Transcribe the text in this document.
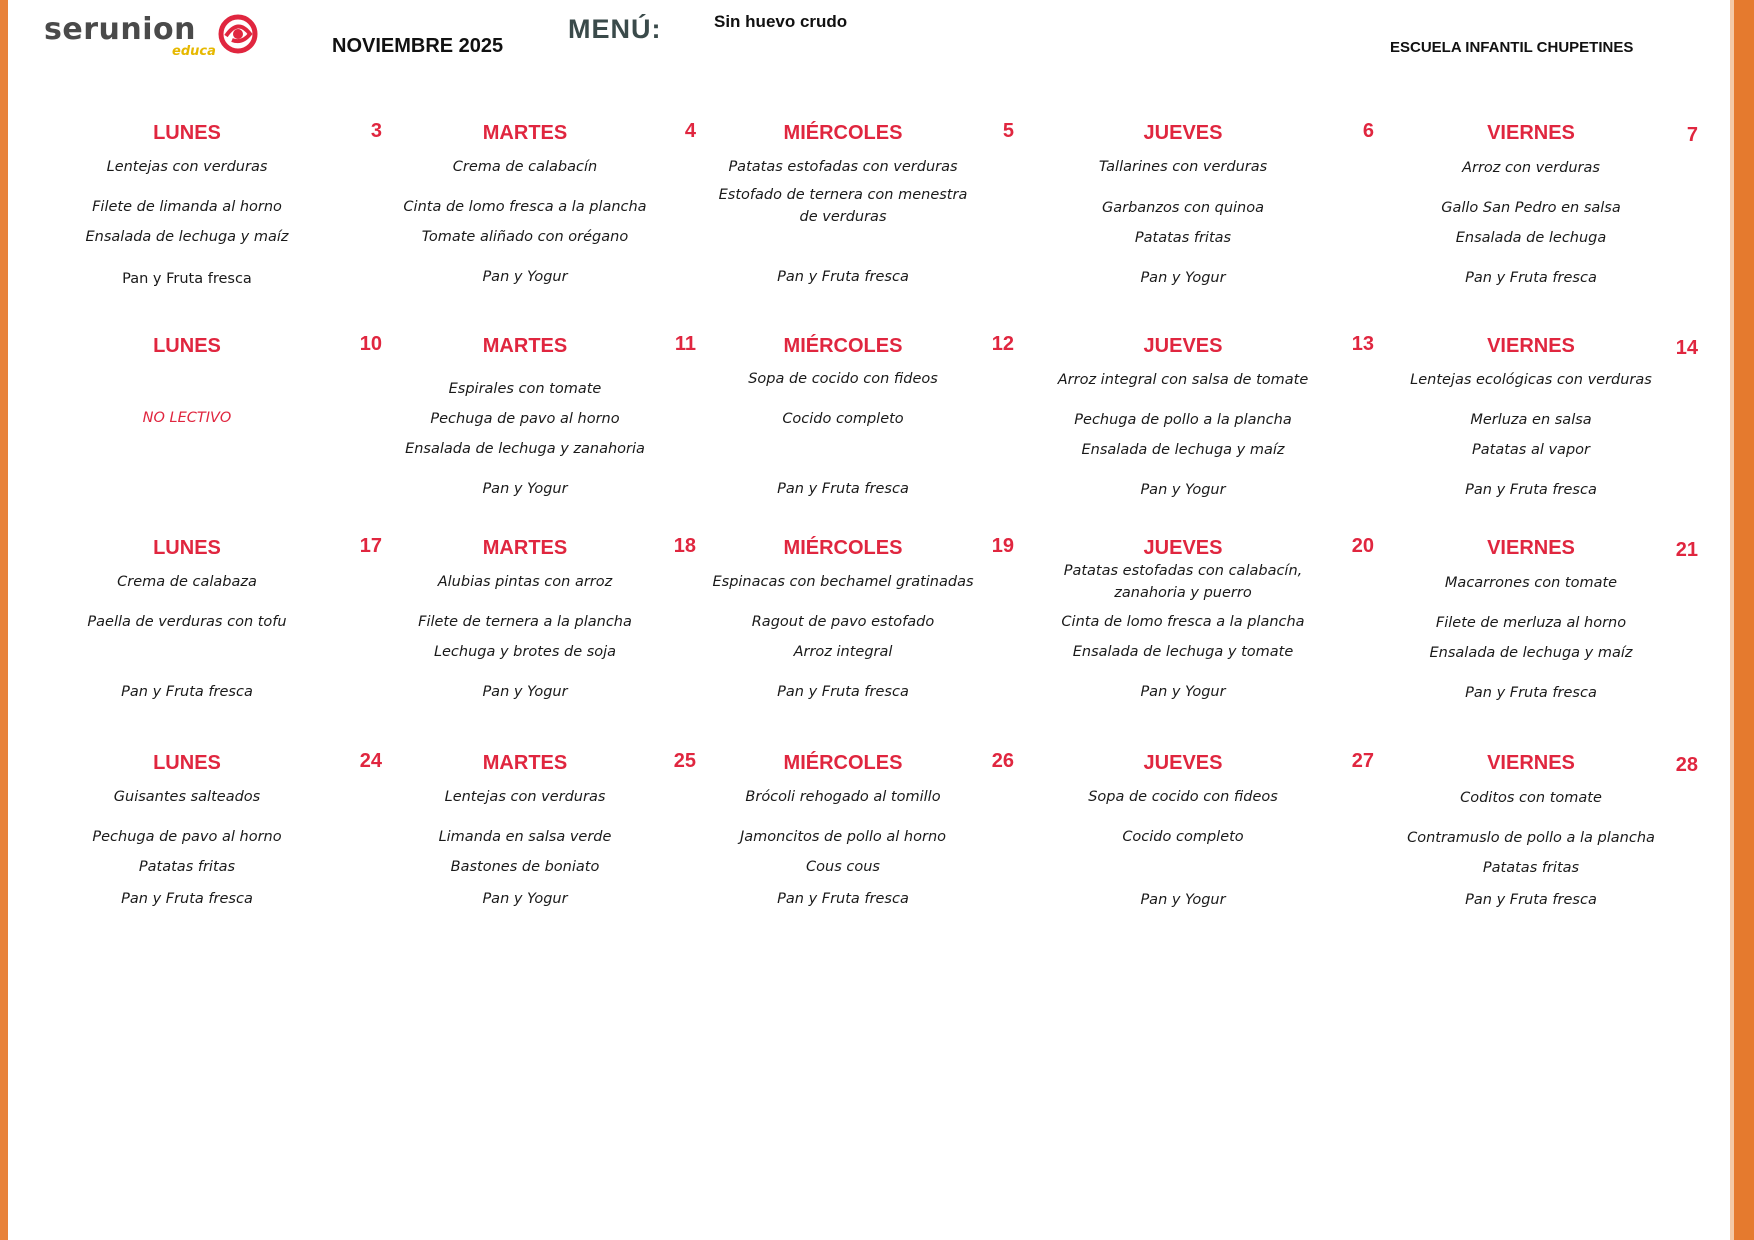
serunion
educa	NOVIEMBRE 2025
MENÚ:	Sin huevo crudo
ESCUELA INFANTIL CHUPETINES
LUNES	3
Lentejas con verduras
Filete de limanda al horno
Ensalada de lechuga y maíz
Pan y Fruta fresca
MARTES	4
Crema de calabacín
Cinta de lomo fresca a la plancha
Tomate aliñado con orégano
Pan y Yogur
MIÉRCOLES	5
Patatas estofadas con verduras
Estofado de ternera con menestra de verduras
Pan y Fruta fresca
JUEVES	6
Tallarines con verduras
Garbanzos con quinoa
Patatas fritas
Pan y Yogur
VIERNES	7
Arroz con verduras
Gallo San Pedro en salsa
Ensalada de lechuga
Pan y Fruta fresca
LUNES	10
NO LECTIVO
MARTES	11
Espirales con tomate
Pechuga de pavo al horno
Ensalada de lechuga y zanahoria
Pan y Yogur
MIÉRCOLES	12
Sopa de cocido con fideos
Cocido completo
Pan y Fruta fresca
JUEVES	13
Arroz integral con salsa de tomate
Pechuga de pollo a la plancha
Ensalada de lechuga y maíz
Pan y Yogur
VIERNES	14
Lentejas ecológicas con verduras
Merluza en salsa
Patatas al vapor
Pan y Fruta fresca
LUNES	17
Crema de calabaza
Paella de verduras con tofu
Pan y Fruta fresca
MARTES	18
Alubias pintas con arroz
Filete de ternera a la plancha
Lechuga y brotes de soja
Pan y Yogur
MIÉRCOLES	19
Espinacas con bechamel gratinadas
Ragout de pavo estofado
Arroz integral
Pan y Fruta fresca
JUEVES	20
Patatas estofadas con calabacín, zanahoria y puerro
Cinta de lomo fresca a la plancha
Ensalada de lechuga y tomate
Pan y Yogur
VIERNES	21
Macarrones con tomate
Filete de merluza al horno
Ensalada de lechuga y maíz
Pan y Fruta fresca
LUNES	24
Guisantes salteados
Pechuga de pavo al horno
Patatas fritas
Pan y Fruta fresca
MARTES	25
Lentejas con verduras
Limanda en salsa verde
Bastones de boniato
Pan y Yogur
MIÉRCOLES	26
Brócoli rehogado al tomillo
Jamoncitos de pollo al horno
Cous cous
Pan y Fruta fresca
JUEVES	27
Sopa de cocido con fideos
Cocido completo
Pan y Yogur
VIERNES	28
Coditos con tomate
Contramuslo de pollo a la plancha
Patatas fritas
Pan y Fruta fresca
